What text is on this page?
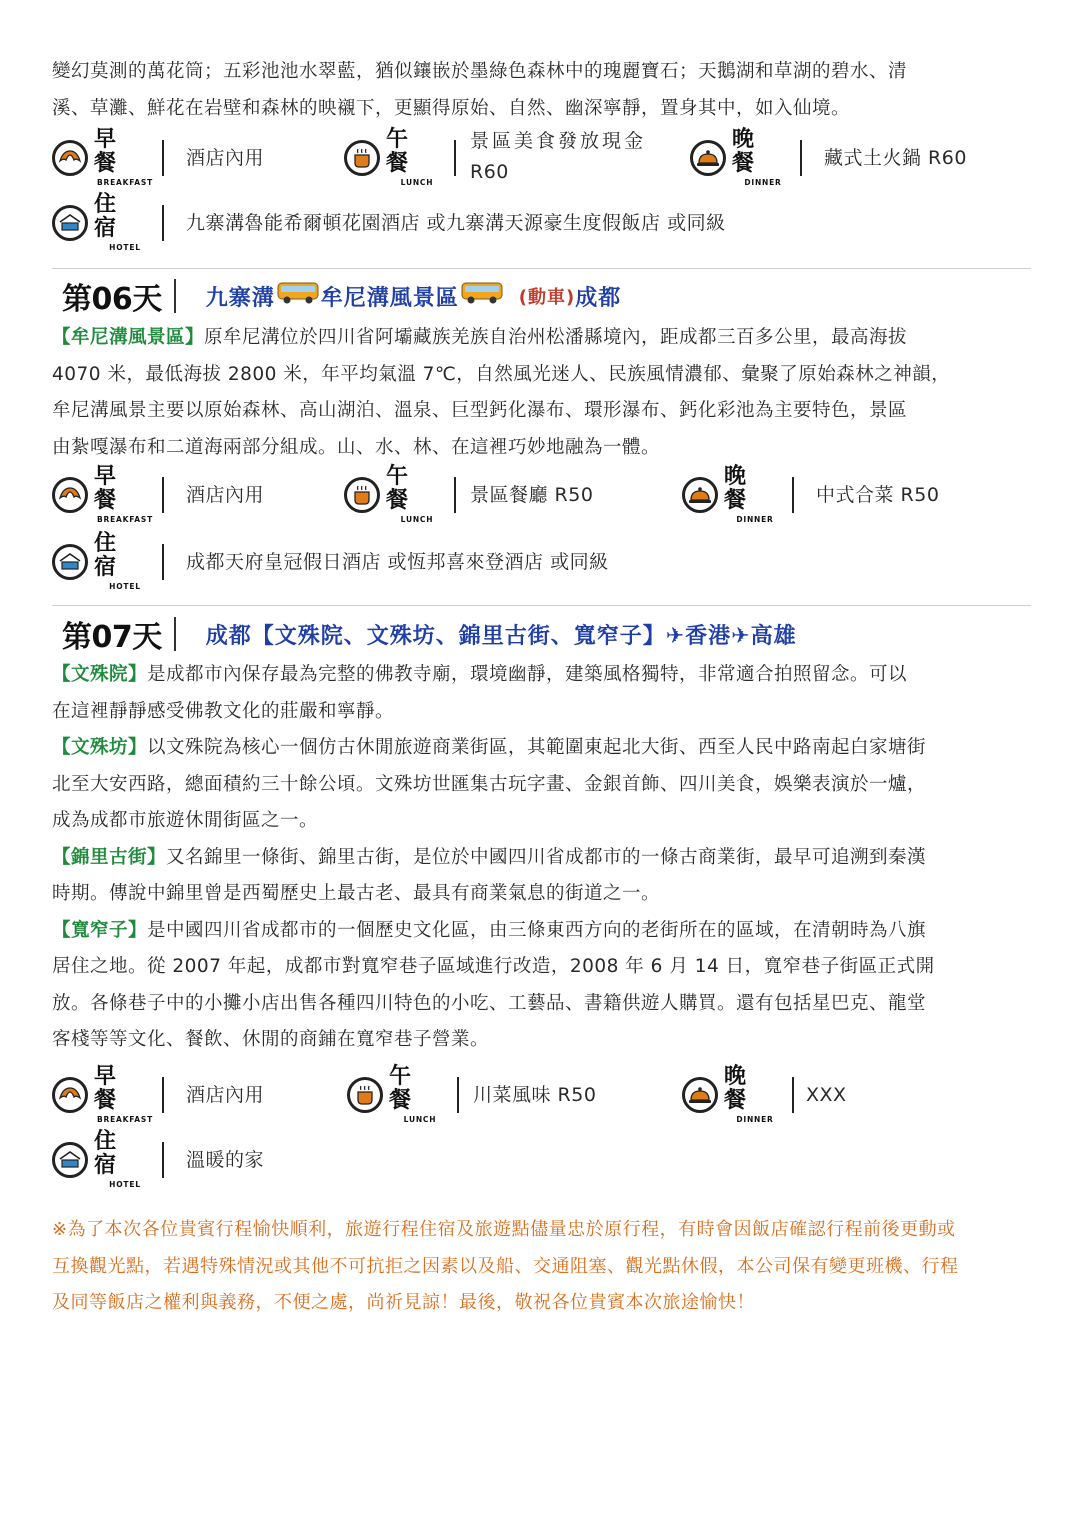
變幻莫測的萬花筒；五彩池池水翠藍，猶似鑲嵌於墨綠色森林中的瑰麗寶石；天鵝湖和草湖的碧水、清

溪、草灘、鮮花在岩壁和森林的映襯下，更顯得原始、自然、幽深寧靜，置身其中，如入仙境。

早 餐
BREAKFAST
酒店內用
午 餐
LUNCH
景區美食發放現金
R60
晚 餐
DINNER
藏式土火鍋 R60
住 宿
HOTEL
九寨溝魯能希爾頓花園酒店 或九寨溝天源豪生度假飯店 或同級
第06天 九寨溝 牟尼溝風景區	(動車) 成都

【牟尼溝風景區】原牟尼溝位於四川省阿壩藏族羌族自治州松潘縣境內，距成都三百多公里，最高海拔

4070 米，最低海拔 2800 米，年平均氣溫 7℃，自然風光迷人、民族風情濃郁、彙聚了原始森林之神韻，

牟尼溝風景主要以原始森林、高山湖泊、溫泉、巨型鈣化瀑布、環形瀑布、鈣化彩池為主要特色，景區

由紮嘎瀑布和二道海兩部分組成。山、水、林、在這裡巧妙地融為一體。

早 餐
BREAKFAST
酒店內用
午 餐
LUNCH
景區餐廳 R50
晚 餐
DINNER
中式合菜 R50
住 宿
HOTEL
成都天府皇冠假日酒店 或恆邦喜來登酒店 或同級
第07天 成都【文殊院、文殊坊、錦里古街、寬窄子】✈香港✈高雄

【文殊院】是成都市內保存最為完整的佛教寺廟，環境幽靜，建築風格獨特，非常適合拍照留念。可以

在這裡靜靜感受佛教文化的莊嚴和寧靜。

【文殊坊】以文殊院為核心一個仿古休閒旅遊商業街區，其範圍東起北大街、西至人民中路南起白家塘街

北至大安西路，總面積約三十餘公頃。文殊坊世匯集古玩字畫、金銀首飾、四川美食，娛樂表演於一爐，

成為成都市旅遊休閒街區之一。

【錦里古街】又名錦里一條街、錦里古街，是位於中國四川省成都市的一條古商業街，最早可追溯到秦漢

時期。傳說中錦里曾是西蜀歷史上最古老、最具有商業氣息的街道之一。

【寬窄子】是中國四川省成都市的一個歷史文化區，由三條東西方向的老街所在的區域，在清朝時為八旗

居住之地。從 2007 年起，成都市對寬窄巷子區域進行改造，2008 年 6 月 14 日，寬窄巷子街區正式開

放。各條巷子中的小攤小店出售各種四川特色的小吃、工藝品、書籍供遊人購買。還有包括星巴克、龍堂

客棧等等文化、餐飲、休閒的商鋪在寬窄巷子營業。

早 餐
BREAKFAST
酒店內用
午 餐
LUNCH
川菜風味 R50
晚 餐
DINNER
XXX
住 宿
HOTEL
溫暖的家
※為了本次各位貴賓行程愉快順利，旅遊行程住宿及旅遊點儘量忠於原行程，有時會因飯店確認行程前後更動或
互換觀光點，若遇特殊情況或其他不可抗拒之因素以及船、交通阻塞、觀光點休假，本公司保有變更班機、行程
及同等飯店之權利與義務，不便之處，尚祈見諒！最後，敬祝各位貴賓本次旅途愉快！
